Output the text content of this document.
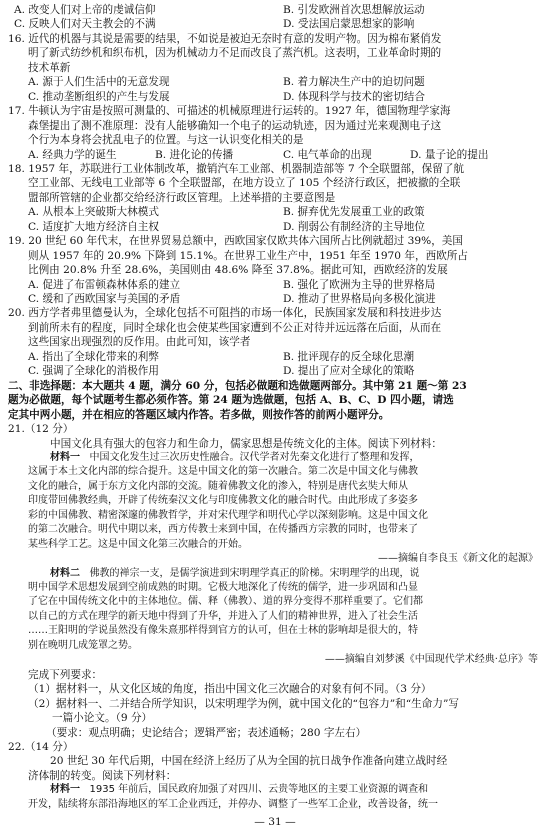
A. 改变人们对上帝的虔诚信仰	B. 引发欧洲首次思想解放运动
C. 反映人们对天主教会的不满	D. 受法国启蒙思想家的影响
16. 近代的机器与其说是需要的结果，不如说是被迫无奈时有意的发明产物。因为棉布紧俏发
明了新式纺纱机和织布机，因为机械动力不足而改良了蒸汽机。这表明，工业革命时期的
技术革新
A. 源于人们生活中的无意发现	B. 着力解决生产中的迫切问题
C. 推动垄断组织的产生与发展	D. 体现科学与技术的密切结合
17. 牛顿认为宇宙是按照可测量的、可描述的机械原理进行运转的。1927 年，德国物理学家海
森堡提出了测不准原理：没有人能够确知一个电子的运动轨迹，因为通过光来观测电子这
个行为本身将会扰乱电子的位置。与这一认识变化相关的是
A. 经典力学的诞生	B. 进化论的传播	C. 电气革命的出现	D. 量子论的提出
18. 1957 年，苏联进行工业体制改革，撤销汽车工业部、机器制造部等 7 个全联盟部，保留了航
空工业部、无线电工业部等 6 个全联盟部，在地方设立了 105 个经济行政区，把被撤的全联
盟部所管辖的企业都交给经济行政区管理。上述举措的主要意图是
A. 从根本上突破斯大林模式	B. 摒弃优先发展重工业的政策
C. 适度扩大地方经济自主权	D. 削弱公有制经济的主导地位
19. 20 世纪 60 年代末，在世界贸易总额中，西欧国家仅欧共体六国所占比例就超过 39%，美国
则从 1957 年的 20.9% 下降到 15.1%。在世界工业生产中，1951 年至 1970 年，西欧所占
比例由 20.8% 升至 28.6%，美国则由 48.6% 降至 37.8%。据此可知，西欧经济的发展
A. 促进了布雷顿森林体系的建立	B. 强化了欧洲为主导的世界格局
C. 缓和了西欧国家与美国的矛盾	D. 推动了世界格局向多极化演进
20. 西方学者弗里德曼认为，全球化包括不可阻挡的市场一体化，民族国家发展和科技进步达
到前所未有的程度，同时全球化也会使某些国家遭到不公正对待并远远落在后面，从而在
这些国家出现强烈的反作用。由此可知，该学者
A. 指出了全球化带来的利弊	B. 批评现存的反全球化思潮
C. 强调了全球化的消极作用	D. 提出了应对全球化的策略
二、非选择题：本大题共 4 题，满分 60 分，包括必做题和选做题两部分。其中第 21 题～第 23
题为必做题，每个试题考生都必须作答。第 24 题为选做题，包括 A、B、C、D 四小题，请选
定其中两小题，并在相应的答题区域内作答。若多做，则按作答的前两小题评分。
21.（12 分）
中国文化具有强大的包容力和生命力，儒家思想是传统文化的主体。阅读下列材料：
材料一 中国文化发生过三次历史性融合。汉代学者对先秦文化进行了整理和发挥，
这属于本土文化内部的综合提升。这是中国文化的第一次融合。第二次是中国文化与佛教
文化的融合，属于东方文化内部的交流。随着佛教文化的渗入，特别是唐代玄奘大师从
印度带回佛教经典，开辟了传统秦汉文化与印度佛教文化的融合时代。由此形成了多姿多
彩的中国佛教、精密深邃的佛教哲学，并对宋代理学和明代心学以深刻影响。这是中国文化
的第二次融合。明代中期以来，西方传教士来到中国，在传播西方宗教的同时，也带来了
某些科学工艺。这是中国文化第三次融合的开始。
——摘编自李良玉《新文化的起源》
材料二 佛教的禅宗一支，是儒学演进到宋明理学真正的阶梯。宋明理学的出现，说
明中国学术思想发展到空前成熟的时期。它极大地深化了传统的儒学，进一步巩固和凸显
了它在中国传统文化中的主体地位。儒、释（佛教）、道的界分变得不那样重要了。它们都
以自己的方式在理学的新天地中得到了升华，并进入了人们的精神世界，进入了社会生活
……王阳明的学说虽然没有像朱熹那样得到官方的认可，但在士林的影响却是很大的，特
别在晚明几成笼罩之势。
——摘编自刘梦溪《中国现代学术经典·总序》等
完成下列要求：
（1）据材料一，从文化区域的角度，指出中国文化三次融合的对象有何不同。（3 分）
（2）据材料一、二并结合所学知识，以宋明理学为例，就中国文化的“包容力”和“生命力”写
一篇小论文。（9 分）
（要求：观点明确；史论结合；逻辑严密；表述通畅；280 字左右）
22.（14 分）
20 世纪 30 年代后期，中国在经济上经历了从为全国的抗日战争作准备向建立战时经
济体制的转变。阅读下列材料：
材料一   1935 年前后，国民政府加强了对四川、云贵等地区的主要工业资源的调查和
开发，陆续将东部沿海地区的军工企业西迁，并停办、调整了一些军工企业，改善设备，统一
— 31 —
